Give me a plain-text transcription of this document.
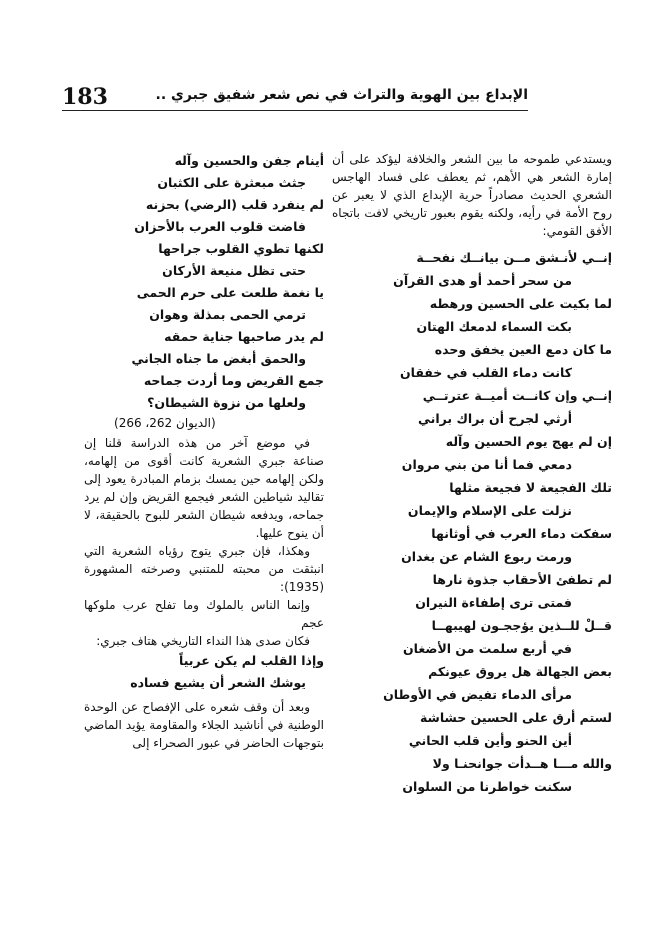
183	الإبداع بين الهوية والتراث في نص شعر شفيق جبري ..

ويستدعي طموحه ما بين الشعر والخلافة ليؤكد على أن إمارة الشعر هي الأهم، ثم يعطف على فساد الهاجس الشعري الحديث مصادراً حرية الإبداع الذي لا يعبر عن روح الأمة في رأيه، ولكنه يقوم بعبور تاريخي لافت باتجاه الأفق القومي:

إنــي لأنـشق مــن بيانــك نفحــة

من سحر أحمد أو هدى القرآن

لما بكيت على الحسين ورهطه

بكت السماء لدمعك الهتان

ما كان دمع العين يخفق وحده

كانت دماء القلب في خفقان

إنــي وإن كانــت أميــة عترتــي

أرثي لجرح أن براك براني

إن لم يهج يوم الحسين وآله

دمعي فما أنا من بني مروان

تلك الفجيعة لا فجيعة مثلها

نزلت على الإسلام والإيمان

سفكت دماء العرب في أوثانها

ورمت ربوع الشام عن بغدان

لم تطفئ الأحقاب جذوة نارها

فمتى ترى إطفاءة النيران

قــلْ للــذين يؤججـون لهيبهــا

في أربع سلمت من الأضغان

بعض الجهالة هل يروق عيونكم

مرأى الدماء تفيض في الأوطان

لستم أرق على الحسين حشاشة

أين الحنو وأين قلب الحاني

والله مـــا هــدأت جوانحنـا ولا

سكنت خواطرنا من السلوان

أينام جفن والحسين وآله

جثث مبعثرة على الكثبان

لم ينفرد قلب (الرضي) بحزنه

فاضت قلوب العرب بالأحزان

لكنها تطوي القلوب جراحها

حتى تظل منيعة الأركان

يا نغمة طلعت على حرم الحمى

ترمي الحمى بمذلة وهوان

لم يدر صاحبها جناية حمقه

والحمق أبغض ما جناه الجاني

جمع القريض وما أردت جماحه

ولعلها من نزوة الشيطان؟

(الديوان 262، 266)

في موضع آخر من هذه الدراسة قلنا إن صناعة جبري الشعرية كانت أقوى من إلهامه، ولكن إلهامه حين يمسك بزمام المبادرة يعود إلى تقاليد شياطين الشعر فيجمع القريض وإن لم يرد جماحه، ويدفعه شيطان الشعر للبوح بالحقيقة، لا أن ينوح عليها.

وهكذا، فإن جبري يتوج رؤياه الشعرية التي انبثقت من محبته للمتنبي وصرخته المشهورة (1935):

وإنما الناس بالملوك وما تفلح عرب ملوكها عجم

فكان صدى هذا النداء التاريخي هتاف جبري:

وإذا القلب لم يكن عربياً

يوشك الشعر أن يشيع فساده

وبعد أن وقف شعره على الإفصاح عن الوحدة الوطنية في أناشيد الجلاء والمقاومة يؤيد الماضي بتوجهات الحاضر في عبور الصحراء إلى
